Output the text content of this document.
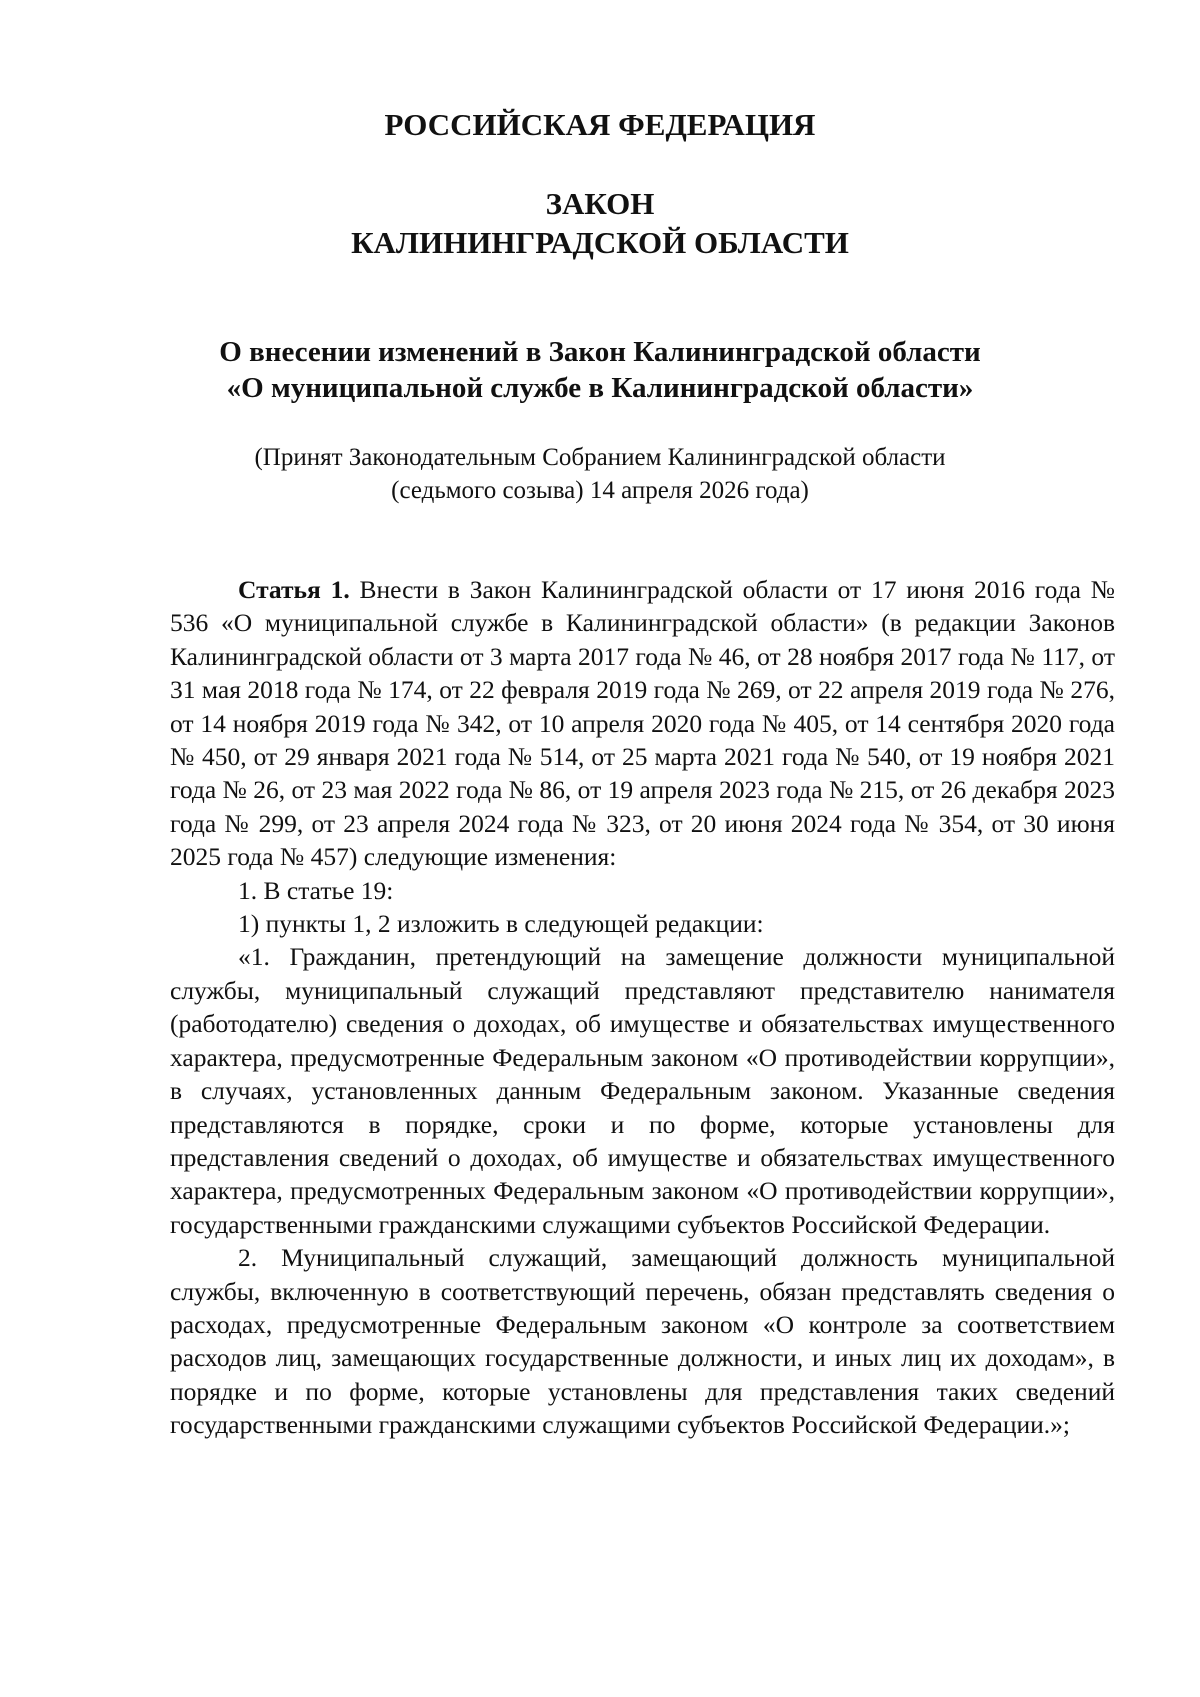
РОССИЙСКАЯ ФЕДЕРАЦИЯ
ЗАКОН
КАЛИНИНГРАДСКОЙ ОБЛАСТИ
О внесении изменений в Закон Калининградской области
«О муниципальной службе в Калининградской области»
(Принят Законодательным Собранием Калининградской области
(седьмого созыва) 14 апреля 2026 года)

Статья 1. Внести в Закон Калининградской области от 17 июня 2016 года № 536 «О муниципальной службе в Калининградской области» (в редакции Законов Калининградской области от 3 марта 2017 года № 46, от 28 ноября 2017 года № 117, от 31 мая 2018 года № 174, от 22 февраля 2019 года № 269, от 22 апреля 2019 года № 276, от 14 ноября 2019 года № 342, от 10 апреля 2020 года № 405, от 14 сентября 2020 года № 450, от 29 января 2021 года № 514, от 25 марта 2021 года № 540, от 19 ноября 2021 года № 26, от 23 мая 2022 года № 86, от 19 апреля 2023 года № 215, от 26 декабря 2023 года № 299, от 23 апреля 2024 года № 323, от 20 июня 2024 года № 354, от 30 июня 2025 года № 457) следующие изменения:

1. В статье 19:

1) пункты 1, 2 изложить в следующей редакции:

«1. Гражданин, претендующий на замещение должности муниципальной службы, муниципальный служащий представляют представителю нанимателя (работодателю) сведения о доходах, об имуществе и обязательствах имущественного характера, предусмотренные Федеральным законом «О противодействии коррупции», в случаях, установленных данным Федеральным законом. Указанные сведения представляются в порядке, сроки и по форме, которые установлены для представления сведений о доходах, об имуществе и обязательствах имущественного характера, предусмотренных Федеральным законом «О противодействии коррупции», государственными гражданскими служащими субъектов Российской Федерации.

2. Муниципальный служащий, замещающий должность муниципальной службы, включенную в соответствующий перечень, обязан представлять сведения о расходах, предусмотренные Федеральным законом «О контроле за соответствием расходов лиц, замещающих государственные должности, и иных лиц их доходам», в порядке и по форме, которые установлены для представления таких сведений государственными гражданскими служащими субъектов Российской Федерации.»;
